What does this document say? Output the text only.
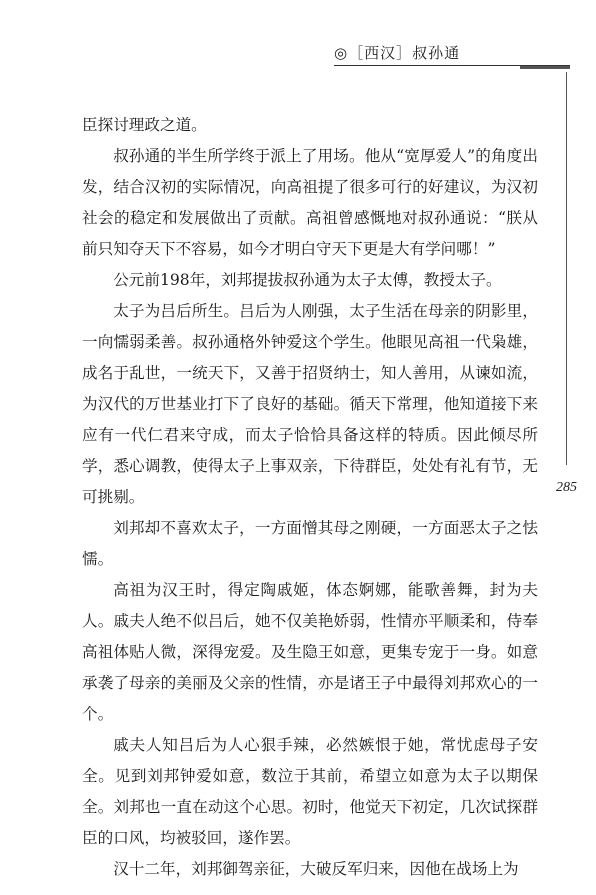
◎［西汉］叔孙通
285

臣探讨理政之道。

叔孙通的半生所学终于派上了用场。他从“宽厚爱人”的角度出发，结合汉初的实际情况，向高祖提了很多可行的好建议，为汉初社会的稳定和发展做出了贡献。高祖曾感慨地对叔孙通说：“朕从前只知夺天下不容易，如今才明白守天下更是大有学问哪！”

公元前198年，刘邦提拔叔孙通为太子太傅，教授太子。

太子为吕后所生。吕后为人刚强，太子生活在母亲的阴影里，一向懦弱柔善。叔孙通格外钟爱这个学生。他眼见高祖一代枭雄，成名于乱世，一统天下，又善于招贤纳士，知人善用，从谏如流，为汉代的万世基业打下了良好的基础。循天下常理，他知道接下来应有一代仁君来守成，而太子恰恰具备这样的特质。因此倾尽所学，悉心调教，使得太子上事双亲，下待群臣，处处有礼有节，无可挑剔。

刘邦却不喜欢太子，一方面憎其母之刚硬，一方面恶太子之怯懦。

高祖为汉王时，得定陶戚姬，体态婀娜，能歌善舞，封为夫人。戚夫人绝不似吕后，她不仅美艳娇弱，性情亦平顺柔和，侍奉高祖体贴人微，深得宠爱。及生隐王如意，更集专宠于一身。如意承袭了母亲的美丽及父亲的性情，亦是诸王子中最得刘邦欢心的一个。

戚夫人知吕后为人心狠手辣，必然嫉恨于她，常忧虑母子安全。见到刘邦钟爱如意，数泣于其前，希望立如意为太子以期保全。刘邦也一直在动这个心思。初时，他觉天下初定，几次试探群臣的口风，均被驳回，遂作罢。

汉十二年，刘邦御驾亲征，大破反军归来，因他在战场上为
